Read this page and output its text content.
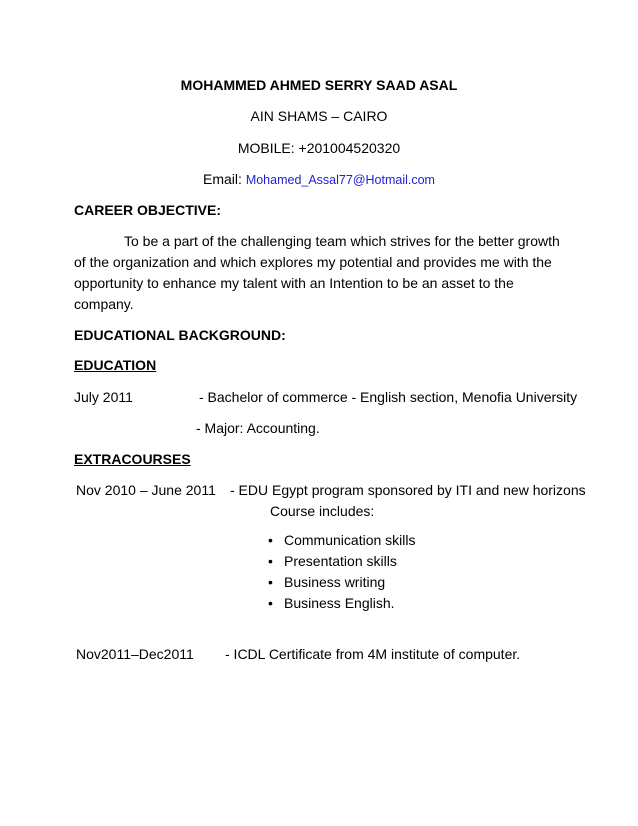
MOHAMMED AHMED SERRY SAAD ASAL
AIN SHAMS – CAIRO
MOBILE: +201004520320
Email: Mohamed_Assal77@Hotmail.com
CAREER OBJECTIVE:
To be a part of the challenging team which strives for the better growth
of the organization and which explores my potential and provides me with the
opportunity to enhance my talent with an Intention to be an asset to the
company.
EDUCATIONAL BACKGROUND:
EDUCATION
July 2011	- Bachelor of commerce - English section, Menofia University
- Major: Accounting.
EXTRACOURSES
Nov 2010 – June 2011 - EDU Egypt program sponsored by ITI and new horizons
Course includes:
• Communication skills
• Presentation skills
• Business writing
• Business English.
Nov2011–Dec2011 - ICDL Certificate from 4M institute of computer.
